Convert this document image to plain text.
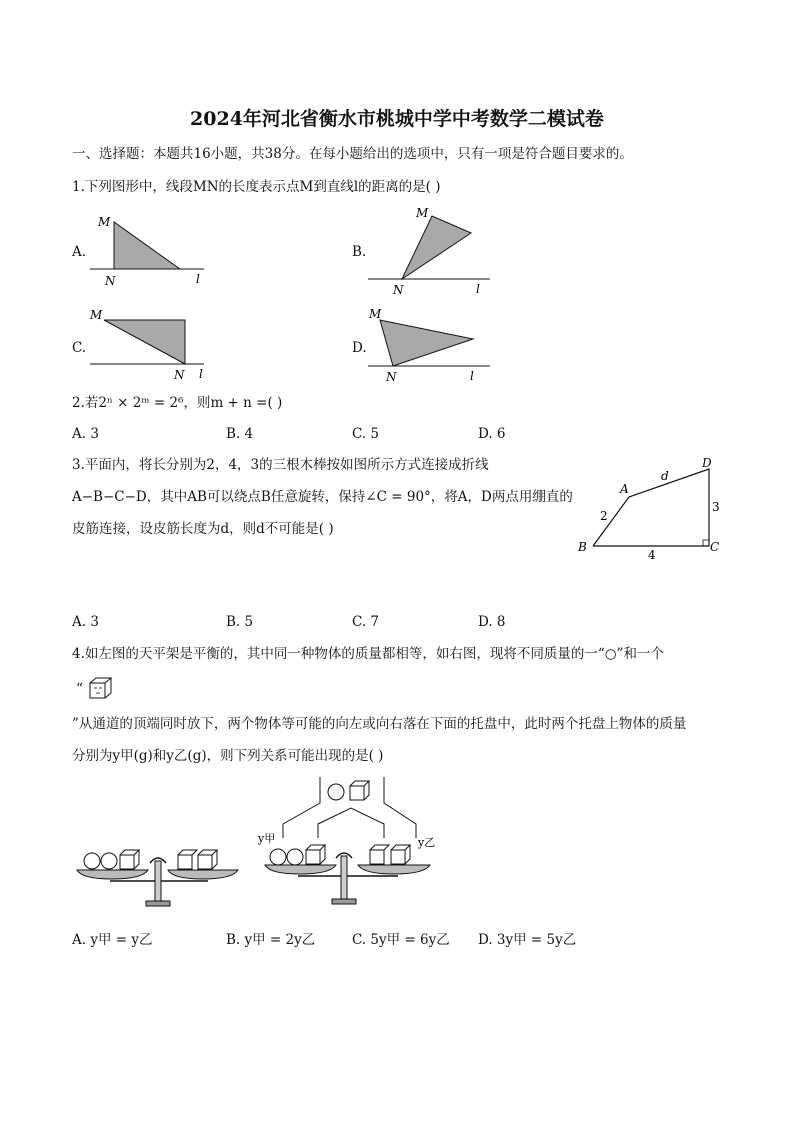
2024年河北省衡水市桃城中学中考数学二模试卷
一、选择题：本题共16小题，共38分。在每小题给出的选项中，只有一项是符合题目要求的。
1.下列图形中，线段MN的长度表示点M到直线l的距离的是( )
A.
M
N	l
B.
M
N	l
C.
M
N l
D.
M
N	l
2.若2ⁿ × 2ᵐ = 2⁶，则m + n =( )
A. 3	B. 4	C. 5	D. 6
3.平面内，将长分别为2，4，3的三根木棒按如图所示方式连接成折线
A−B−C−D，其中AB可以绕点B任意旋转，保持∠C = 90°，将A，D两点用绷直的
皮筋连接，设皮筋长度为d，则d不可能是( )
A
B	C
D
d
2
4
3
A. 3	B. 5	C. 7	D. 8
4.如左图的天平架是平衡的，其中同一种物体的质量都相等，如右图，现将不同质量的一“○”和一个
“
”从通道的顶端同时放下，两个物体等可能的向左或向右落在下面的托盘中，此时两个托盘上物体的质量
分别为y甲(g)和y乙(g)，则下列关系可能出现的是( )
y甲	y乙
A. y甲 = y乙	B. y甲 = 2y乙	C. 5y甲 = 6y乙 D. 3y甲 = 5y乙
